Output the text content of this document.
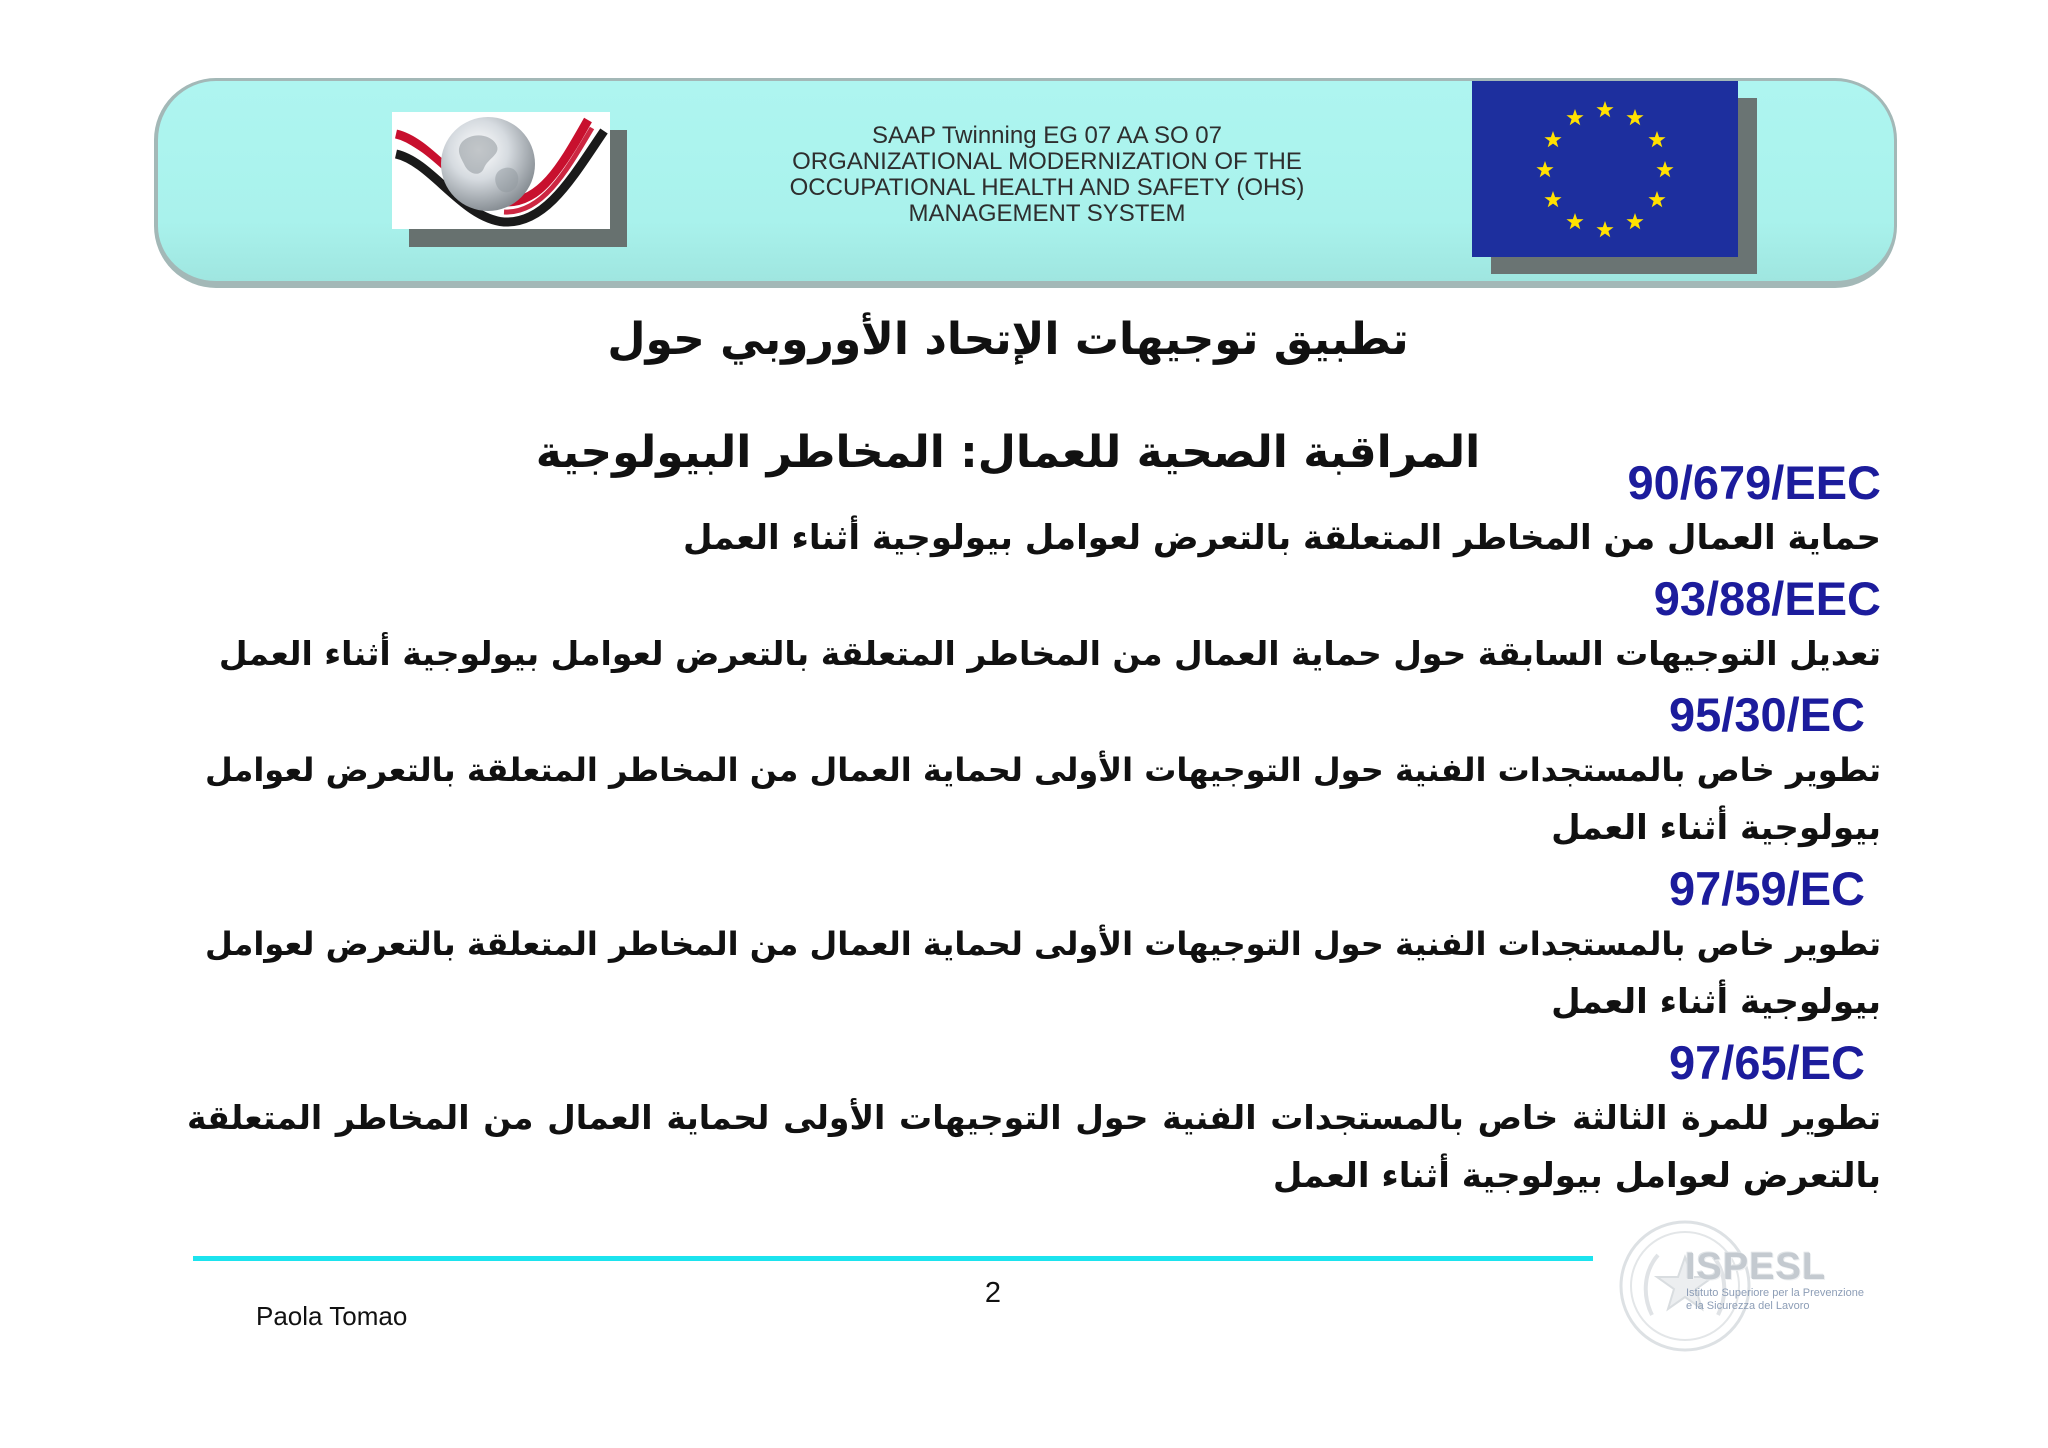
SAAP Twinning EG 07 AA SO 07
ORGANIZATIONAL MODERNIZATION OF THE
OCCUPATIONAL HEALTH AND SAFETY (OHS)
MANAGEMENT SYSTEM
تطبيق توجيهات الإتحاد الأوروبي حول
المراقبة الصحية للعمال: المخاطر البيولوجية
90/679/EEC
حماية العمال من المخاطر المتعلقة بالتعرض لعوامل بيولوجية أثناء العمل
93/88/EEC
تعديل التوجيهات السابقة حول حماية العمال من المخاطر المتعلقة بالتعرض لعوامل بيولوجية أثناء العمل
95/30/EC
تطوير خاص بالمستجدات الفنية حول التوجيهات الأولى لحماية العمال من المخاطر المتعلقة بالتعرض لعوامل
بيولوجية أثناء العمل
97/59/EC
تطوير خاص بالمستجدات الفنية حول التوجيهات الأولى لحماية العمال من المخاطر المتعلقة بالتعرض لعوامل
بيولوجية أثناء العمل
97/65/EC
تطوير للمرة الثالثة خاص بالمستجدات الفنية حول التوجيهات الأولى لحماية العمال من المخاطر المتعلقة
بالتعرض لعوامل بيولوجية أثناء العمل
2
Paola Tomao
ISPESL
Istituto Superiore per la Prevenzione
e la Sicurezza del Lavoro
